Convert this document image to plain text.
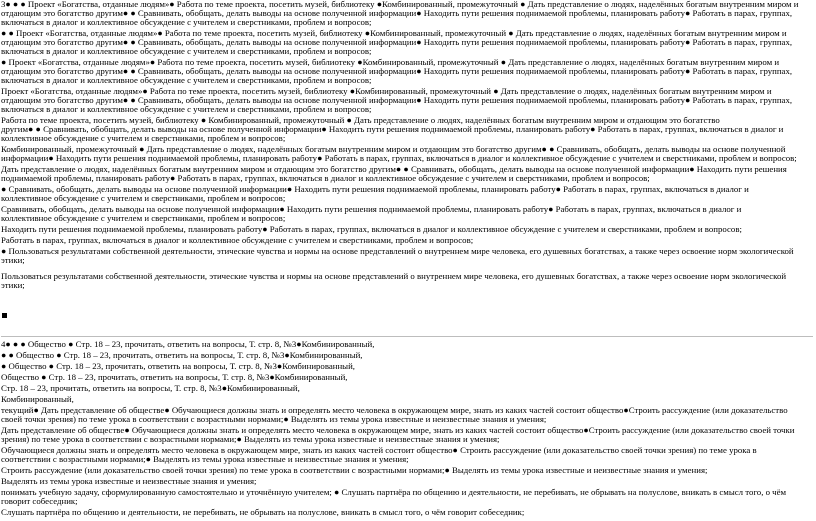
3● ● ● Проект «Богатства, отданные людям»● Работа по теме проекта, посетить музей, библиотеку ●Комбинированный, промежуточный ● Дать представление о людях, наделённых богатым внутренним миром и
отдающим это богатство другим● ● Сравнивать, обобщать, делать выводы на основе полученной информации● Находить пути решения поднимаемой проблемы, планировать работу● Работать в парах, группах,
включаться в диалог и коллективное обсуждение с учителем и сверстниками, проблем и вопросов;
● ● Проект «Богатства, отданные людям»● Работа по теме проекта, посетить музей, библиотеку ●Комбинированный, промежуточный ● Дать представление о людях, наделённых богатым внутренним миром и
отдающим это богатство другим● ● Сравнивать, обобщать, делать выводы на основе полученной информации● Находить пути решения поднимаемой проблемы, планировать работу● Работать в парах, группах,
включаться в диалог и коллективное обсуждение с учителем и сверстниками, проблем и вопросов;
● Проект «Богатства, отданные людям»● Работа по теме проекта, посетить музей, библиотеку ●Комбинированный, промежуточный ● Дать представление о людях, наделённых богатым внутренним миром и
отдающим это богатство другим● ● Сравнивать, обобщать, делать выводы на основе полученной информации● Находить пути решения поднимаемой проблемы, планировать работу● Работать в парах, группах,
включаться в диалог и коллективное обсуждение с учителем и сверстниками, проблем и вопросов;
Проект «Богатства, отданные людям»● Работа по теме проекта, посетить музей, библиотеку ●Комбинированный, промежуточный ● Дать представление о людях, наделённых богатым внутренним миром и
отдающим это богатство другим● ● Сравнивать, обобщать, делать выводы на основе полученной информации● Находить пути решения поднимаемой проблемы, планировать работу● Работать в парах, группах,
включаться в диалог и коллективное обсуждение с учителем и сверстниками, проблем и вопросов;
Работа по теме проекта, посетить музей, библиотеку ● Комбинированный, промежуточный ● Дать представление о людях, наделённых богатым внутренним миром и отдающим это богатство
другим● ● Сравнивать, обобщать, делать выводы на основе полученной информации● Находить пути решения поднимаемой проблемы, планировать работу● Работать в парах, группах, включаться в диалог и
коллективное обсуждение с учителем и сверстниками, проблем и вопросов;
Комбинированный, промежуточный ● Дать представление о людях, наделённых богатым внутренним миром и отдающим это богатство другим● ● Сравнивать, обобщать, делать выводы на основе полученной
информации● Находить пути решения поднимаемой проблемы, планировать работу● Работать в парах, группах, включаться в диалог и коллективное обсуждение с учителем и сверстниками, проблем и вопросов;
Дать представление о людях, наделённых богатым внутренним миром и отдающим это богатство другим● ● Сравнивать, обобщать, делать выводы на основе полученной информации● Находить пути решения
поднимаемой проблемы, планировать работу● Работать в парах, группах, включаться в диалог и коллективное обсуждение с учителем и сверстниками, проблем и вопросов;
● Сравнивать, обобщать, делать выводы на основе полученной информации● Находить пути решения поднимаемой проблемы, планировать работу● Работать в парах, группах, включаться в диалог и
коллективное обсуждение с учителем и сверстниками, проблем и вопросов;
Сравнивать, обобщать, делать выводы на основе полученной информации● Находить пути решения поднимаемой проблемы, планировать работу● Работать в парах, группах, включаться в диалог и
коллективное обсуждение с учителем и сверстниками, проблем и вопросов;
Находить пути решения поднимаемой проблемы, планировать работу● Работать в парах, группах, включаться в диалог и коллективное обсуждение с учителем и сверстниками, проблем и вопросов;
Работать в парах, группах, включаться в диалог и коллективное обсуждение с учителем и сверстниками, проблем и вопросов;
● Пользоваться результатами собственной деятельности, этические чувства и нормы на основе представлений о внутреннем мире человека, его душевных богатствах, а также через освоение норм экологической
этики;
Пользоваться результатами собственной деятельности, этические чувства и нормы на основе представлений о внутреннем мире человека, его душевных богатствах, а также через освоение норм экологической
этики;
4● ● ● Общество ● Стр. 18 – 23, прочитать, ответить на вопросы, Т. стр. 8, №3●Комбинированный,
● ● Общество ● Стр. 18 – 23, прочитать, ответить на вопросы, Т. стр. 8, №3●Комбинированный,
● Общество ● Стр. 18 – 23, прочитать, ответить на вопросы, Т. стр. 8, №3●Комбинированный,
Общество ● Стр. 18 – 23, прочитать, ответить на вопросы, Т. стр. 8, №3●Комбинированный,
Стр. 18 – 23, прочитать, ответить на вопросы, Т. стр. 8, №3●Комбинированный,
Комбинированный,
текущий● Дать представление об обществе● Обучающиеся должны знать и определять место человека в окружающем мире, знать из каких частей состоит общество●Строить рассуждение (или доказательство
своей точки зрения) по теме урока в соответствии с возрастными нормами;● Выделять из темы урока известные и неизвестные знания и умения;
Дать представление об обществе● Обучающиеся должны знать и определять место человека в окружающем мире, знать из каких частей состоит общество●Строить рассуждение (или доказательство своей точки
зрения) по теме урока в соответствии с возрастными нормами;● Выделять из темы урока известные и неизвестные знания и умения;
Обучающиеся должны знать и определять место человека в окружающем мире, знать из каких частей состоит общество● Строить рассуждение (или доказательство своей точки зрения) по теме урока в
соответствии с возрастными нормами;● Выделять из темы урока известные и неизвестные знания и умения;
Строить рассуждение (или доказательство своей точки зрения) по теме урока в соответствии с возрастными нормами;● Выделять из темы урока известные и неизвестные знания и умения;
Выделять из темы урока известные и неизвестные знания и умения;
понимать учебную задачу, сформулированную самостоятельно и уточнённую учителем; ● Слушать партнёра по общению и деятельности, не перебивать, не обрывать на полуслове, вникать в смысл того, о чём
говорит собеседник;
Слушать партнёра по общению и деятельности, не перебивать, не обрывать на полуслове, вникать в смысл того, о чём говорит собеседник;
